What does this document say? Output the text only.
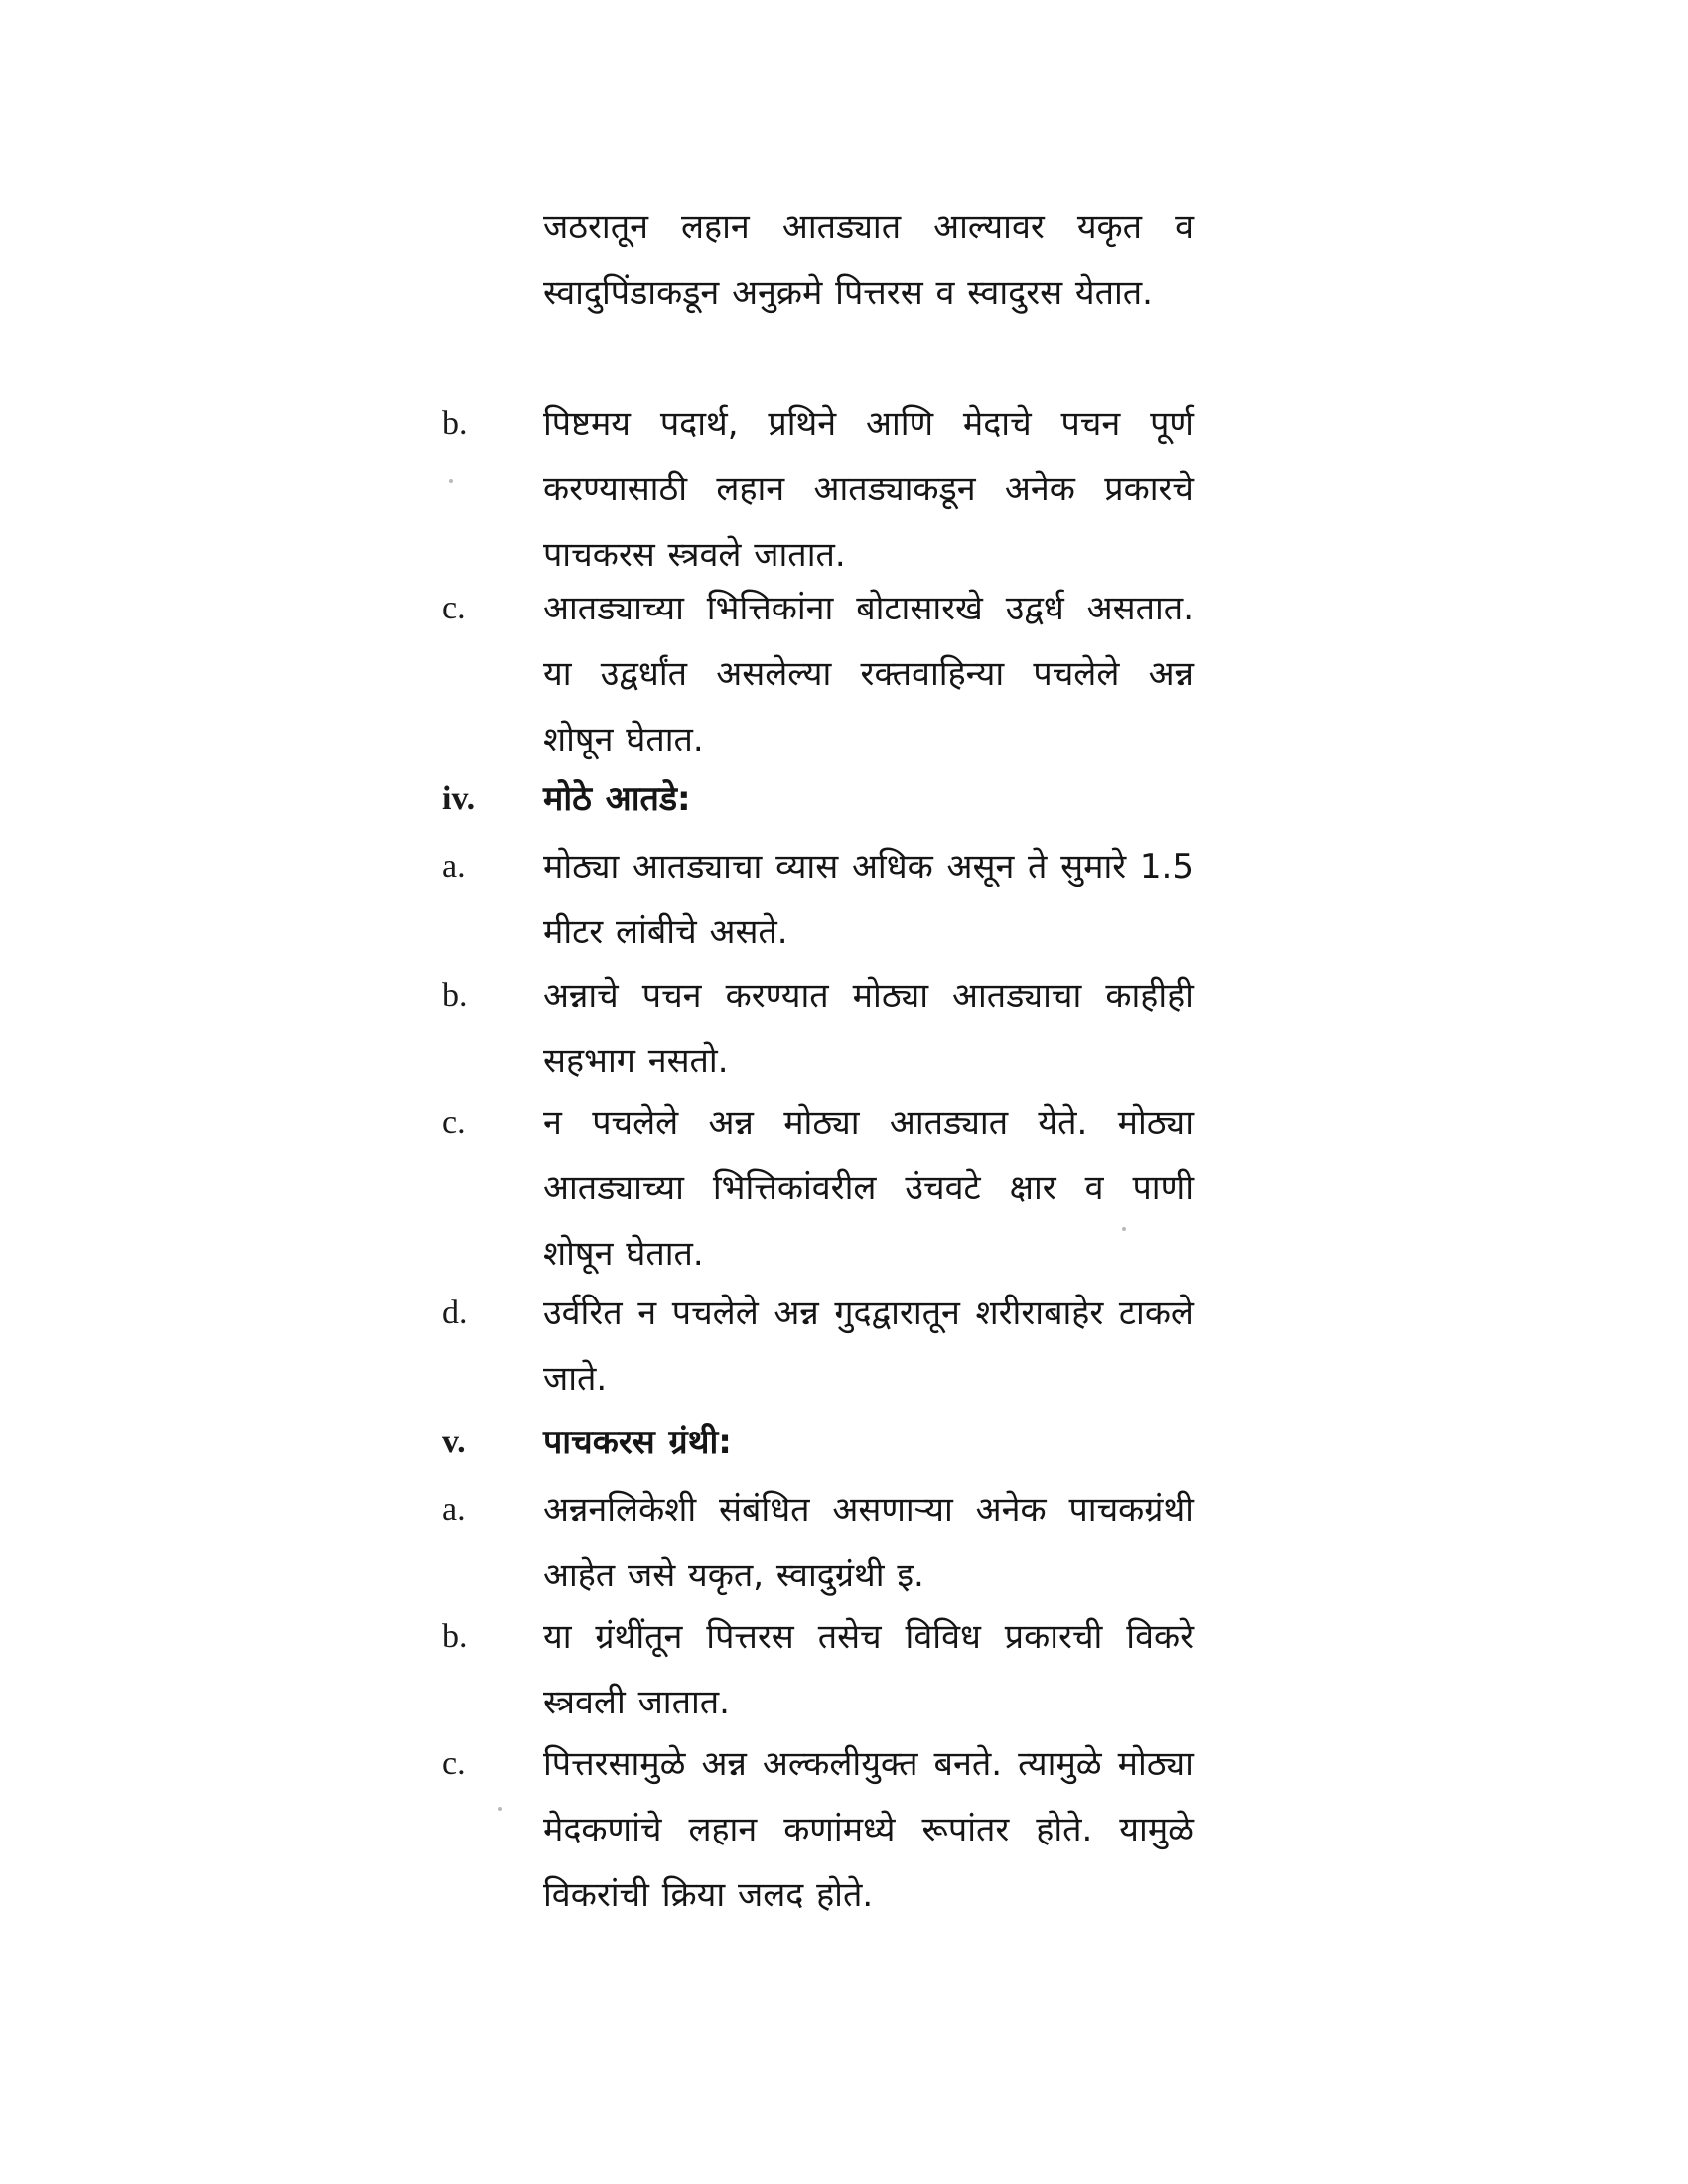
जठरातून लहान आतड्यात आल्यावर यकृत व स्वादुपिंडाकडून अनुक्रमे पित्तरस व स्वादुरस येतात.
b.	पिष्टमय पदार्थ, प्रथिने आणि मेदाचे पचन पूर्ण करण्यासाठी लहान आतड्याकडून अनेक प्रकारचे पाचकरस स्त्रवले जातात.
c.	आतड्याच्या भित्तिकांना बोटासारखे उद्वर्ध असतात. या उद्वर्धांत असलेल्या रक्तवाहिन्या पचलेले अन्न शोषून घेतात.
iv.	मोठे आतडे:
a.	मोठ्या आतड्याचा व्यास अधिक असून ते सुमारे 1.5 मीटर लांबीचे असते.
b.	अन्नाचे पचन करण्यात मोठ्या आतड्याचा काहीही सहभाग नसतो.
c.	न पचलेले अन्न मोठ्या आतड्यात येते. मोठ्या आतड्याच्या भित्तिकांवरील उंचवटे क्षार व पाणी शोषून घेतात.
d.	उर्वरित न पचलेले अन्न गुदद्वारातून शरीराबाहेर टाकले जाते.
v.	पाचकरस ग्रंथी:
a.	अन्ननलिकेशी संबंधित असणाऱ्या अनेक पाचकग्रंथी आहेत जसे यकृत, स्वादुग्रंथी इ.
b.	या ग्रंथींतून पित्तरस तसेच विविध प्रकारची विकरे स्त्रवली जातात.
c.	पित्तरसामुळे अन्न अल्कलीयुक्त बनते. त्यामुळे मोठ्या मेदकणांचे लहान कणांमध्ये रूपांतर होते. यामुळे विकरांची क्रिया जलद होते.
